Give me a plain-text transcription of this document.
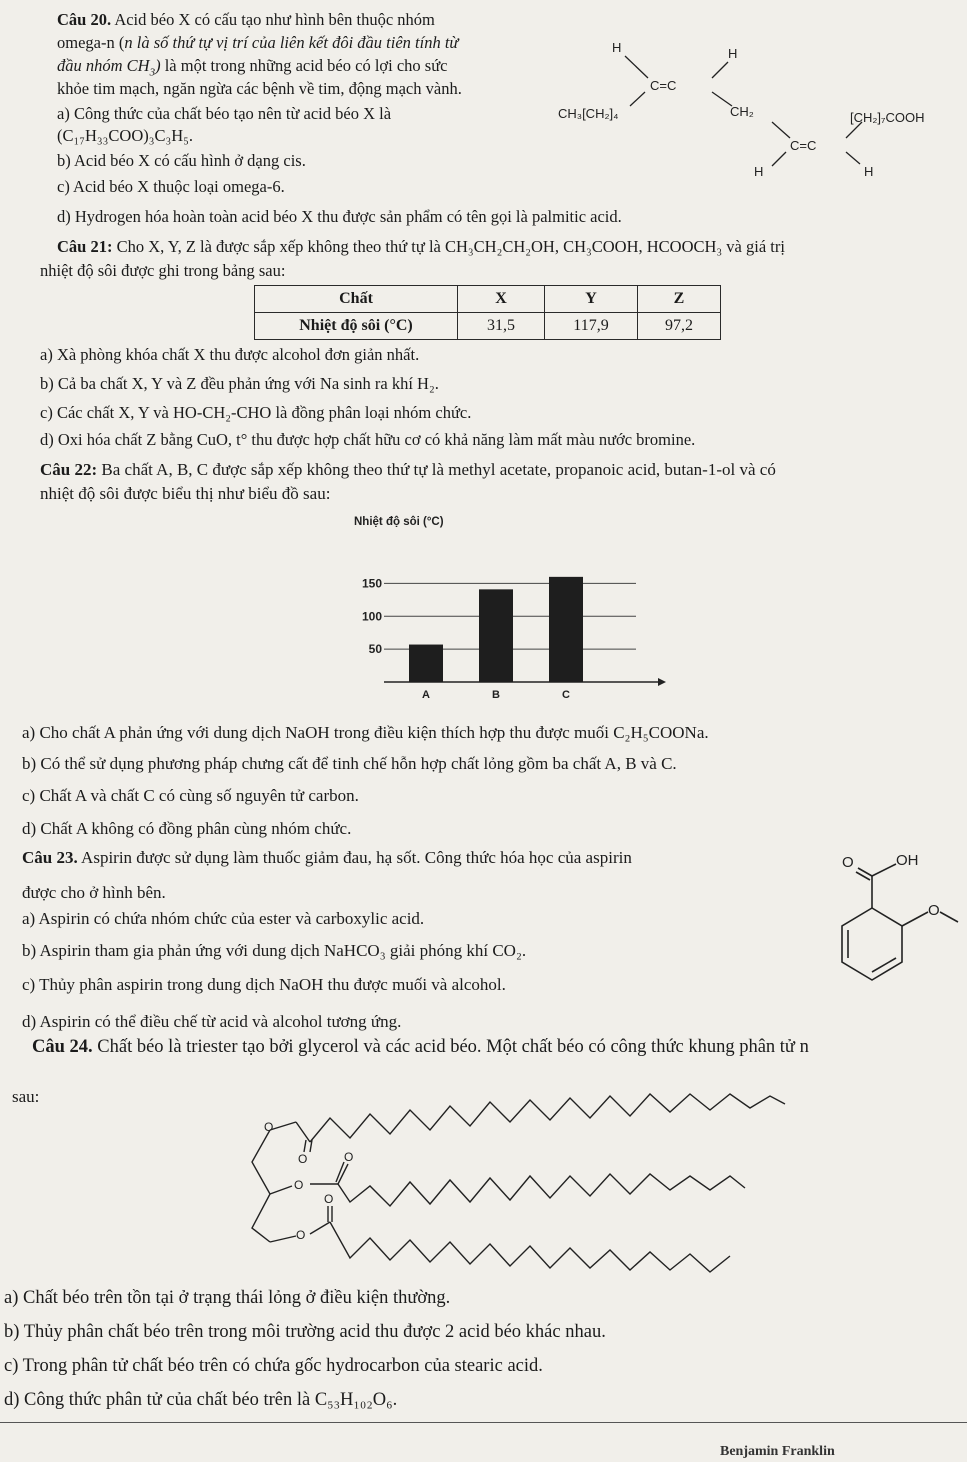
Câu 20. Acid béo X có cấu tạo như hình bên thuộc nhóm
omega-n (n là số thứ tự vị trí của liên kết đôi đầu tiên tính từ
đầu nhóm $CH_3$) là một trong những acid béo có lợi cho sức
khỏe tim mạch, ngăn ngừa các bệnh về tim, động mạch vành.
a) Công thức của chất béo tạo nên từ acid béo X là
(C₁₇H₃₃COO)₃C₃H₅.
b) Acid béo X có cấu hình ở dạng cis.
c) Acid béo X thuộc loại omega-6.
d) Hydrogen hóa hoàn toàn acid béo X thu được sản phẩm có tên gọi là palmitic acid.
H	H
C=C
CH₃[CH₂]₄	CH₂	[CH₂]₇COOH
C=C
H	H
Câu 21: Cho X, Y, Z là được sắp xếp không theo thứ tự là CH₃CH₂CH₂OH, CH₃COOH, HCOOCH₃ và giá trị
nhiệt độ sôi được ghi trong bảng sau:
Chất	X	Y	Z
Nhiệt độ sôi (°C)	31,5	117,9	97,2
a) Xà phòng khóa chất X thu được alcohol đơn giản nhất.
b) Cả ba chất X, Y và Z đều phản ứng với Na sinh ra khí H₂.
c) Các chất X, Y và HO-CH₂-CHO là đồng phân loại nhóm chức.
d) Oxi hóa chất Z bằng CuO, t° thu được hợp chất hữu cơ có khả năng làm mất màu nước bromine.
Câu 22: Ba chất A, B, C được sắp xếp không theo thứ tự là methyl acetate, propanoic acid, butan-1-ol và có
nhiệt độ sôi được biểu thị như biểu đồ sau:
Nhiệt độ sôi (°C)
50
100
150
A	B	C
a) Cho chất A phản ứng với dung dịch NaOH trong điều kiện thích hợp thu được muối C₂H₅COONa.
b) Có thể sử dụng phương pháp chưng cất để tinh chế hỗn hợp chất lỏng gồm ba chất A, B và C.
c) Chất A và chất C có cùng số nguyên tử carbon.
d) Chất A không có đồng phân cùng nhóm chức.
Câu 23. Aspirin được sử dụng làm thuốc giảm đau, hạ sốt. Công thức hóa học của aspirin
được cho ở hình bên.
a) Aspirin có chứa nhóm chức của ester và carboxylic acid.
b) Aspirin tham gia phản ứng với dung dịch NaHCO₃ giải phóng khí CO₂.
c) Thủy phân aspirin trong dung dịch NaOH thu được muối và alcohol.
d) Aspirin có thể điều chế từ acid và alcohol tương ứng.
O	OH
O
Câu 24. Chất béo là triester tạo bởi glycerol và các acid béo. Một chất béo có công thức khung phân tử n
sau:
O
O
O
O
O
O
a) Chất béo trên tồn tại ở trạng thái lỏng ở điều kiện thường.
b) Thủy phân chất béo trên trong môi trường acid thu được 2 acid béo khác nhau.
c) Trong phân tử chất béo trên có chứa gốc hydrocarbon của stearic acid.
d) Công thức phân tử của chất béo trên là C₅₃H₁₀₂O₆.
Benjamin Franklin
